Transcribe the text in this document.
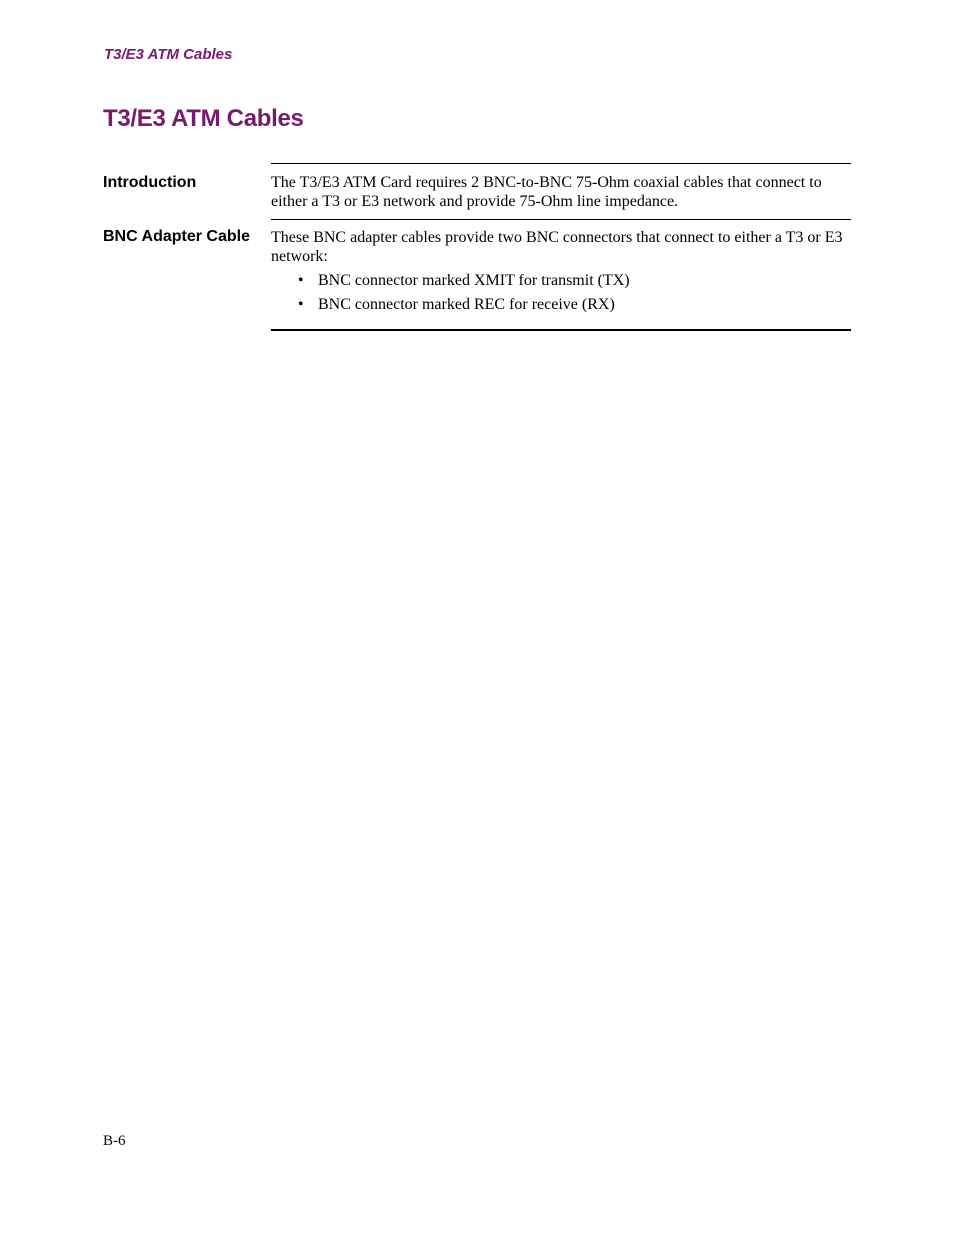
T3/E3 ATM Cables
T3/E3 ATM Cables
Introduction	The T3/E3 ATM Card requires 2 BNC-to-BNC 75-Ohm coaxial cables that connect to either a T3 or E3 network and provide 75-Ohm line impedance.

BNC Adapter Cable These BNC adapter cables provide two BNC connectors that connect to either a T3 or E3 network:

• BNC connector marked XMIT for transmit (TX)
• BNC connector marked REC for receive (RX)
B-6
